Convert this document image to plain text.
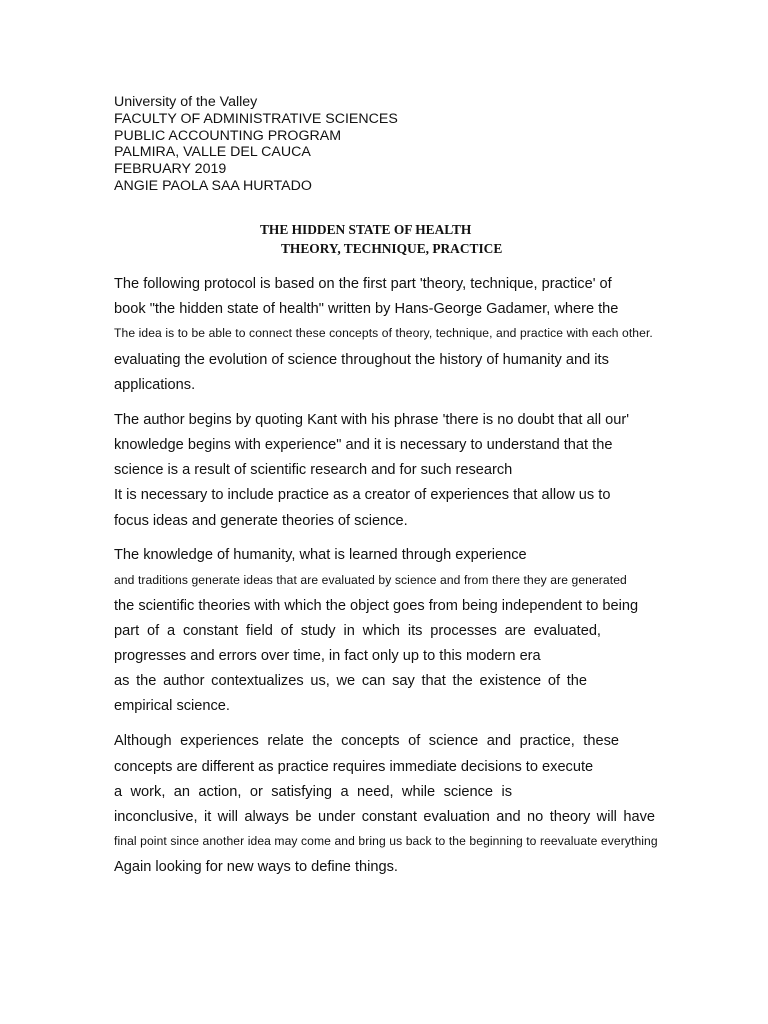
University of the Valley
FACULTY OF ADMINISTRATIVE SCIENCES
PUBLIC ACCOUNTING PROGRAM
PALMIRA, VALLE DEL CAUCA
FEBRUARY 2019
ANGIE PAOLA SAA HURTADO
THE HIDDEN STATE OF HEALTH
THEORY, TECHNIQUE, PRACTICE
The following protocol is based on the first part 'theory, technique, practice' of
book "the hidden state of health" written by Hans-George Gadamer, where the
The idea is to be able to connect these concepts of theory, technique, and practice with each other.
evaluating the evolution of science throughout the history of humanity and its
applications.
The author begins by quoting Kant with his phrase 'there is no doubt that all our'
knowledge begins with experience" and it is necessary to understand that the
science is a result of scientific research and for such research
It is necessary to include practice as a creator of experiences that allow us to
focus ideas and generate theories of science.
The knowledge of humanity, what is learned through experience
and traditions generate ideas that are evaluated by science and from there they are generated
the scientific theories with which the object goes from being independent to being
part of a constant field of study in which its processes are evaluated,
progresses and errors over time, in fact only up to this modern era
as the author contextualizes us, we can say that the existence of the
empirical science.
Although experiences relate the concepts of science and practice, these
concepts are different as practice requires immediate decisions to execute
a work, an action, or satisfying a need, while science is
inconclusive, it will always be under constant evaluation and no theory will have
final point since another idea may come and bring us back to the beginning to reevaluate everything
Again looking for new ways to define things.
